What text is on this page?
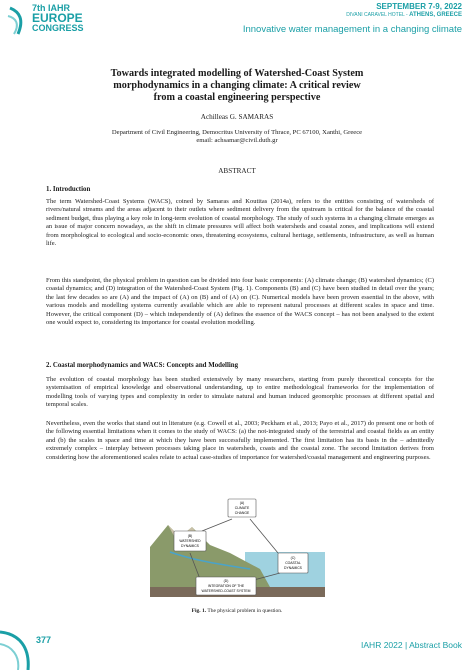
7th IAHR
EUROPE
CONGRESS
SEPTEMBER 7-9, 2022
DIVANI CARAVEL HOTEL - ATHENS, GREECE
Innovative water management in a changing climate
Towards integrated modelling of Watershed-Coast System
morphodynamics in a changing climate: A critical review
from a coastal engineering perspective
Achilleas G. SAMARAS
Department of Civil Engineering, Democritus University of Thrace, PC 67100, Xanthi, Greece
email: achsamar@civil.duth.gr
ABSTRACT
1. Introduction

The term Watershed-Coast Systems (WACS), coined by Samaras and Koutitas (2014a), refers to the entities consisting of watersheds of rivers/natural streams and the areas adjacent to their outlets where sediment delivery from the upstream is critical for the balance of the coastal sediment budget, thus playing a key role in long-term evolution of coastal morphology. The study of such systems in a changing climate emerges as an issue of major concern nowadays, as the shift in climate pressures will affect both watersheds and coastal zones, and implications will extend from morphological to ecological and socio-economic ones, threatening ecosystems, cultural heritage, settlements, infrastructure, as well as human life.

From this standpoint, the physical problem in question can be divided into four basic components: (A) climate change; (B) watershed dynamics; (C) coastal dynamics; and (D) integration of the Watershed-Coast System (Fig. 1). Components (B) and (C) have been studied in detail over the years; the last few decades so are (A) and the impact of (A) on (B) and of (A) on (C). Numerical models have been proven essential in the above, with various models and modelling systems currently available which are able to represent natural processes at different scales in space and time. However, the critical component (D) – which independently of (A) defines the essence of the WACS concept – has not been analysed to the extent one would expect to, considering its importance for coastal evolution modelling.

2. Coastal morphodynamics and WACS: Concepts and Modelling

The evolution of coastal morphology has been studied extensively by many researchers, starting from purely theoretical concepts for the systemisation of empirical knowledge and observational understanding, up to entire methodological frameworks for the implementation of modelling tools of varying types and complexity in order to simulate natural and human induced geomorphic processes at different spatial and temporal scales.

Nevertheless, even the works that stand out in literature (e.g. Cowell et al., 2003; Peckham et al., 2013; Payo et al., 2017) do present one or both of the following essential limitations when it comes to the study of WACS: (a) the not-integrated study of the terrestrial and coastal fields as an entity and (b) the scales in space and time at which they have been successfully implemented. The first limitation has its basis in the – admittedly extremely complex – interplay between processes taking place in watersheds, coasts and the coastal zone. The second limitation derives from considering how the aforementioned scales relate to actual case-studies of importance for watershed/coastal management and engineering purposes.

(A)
CLIMATE
CHANGE
(B)
WATERSHED
DYNAMICS
(C)
COASTAL
DYNAMICS
(D)
INTEGRATION OF THE
WATERSHED-COAST SYSTEM
Fig. 1. The physical problem in question.
377	IAHR 2022 | Abstract Book
